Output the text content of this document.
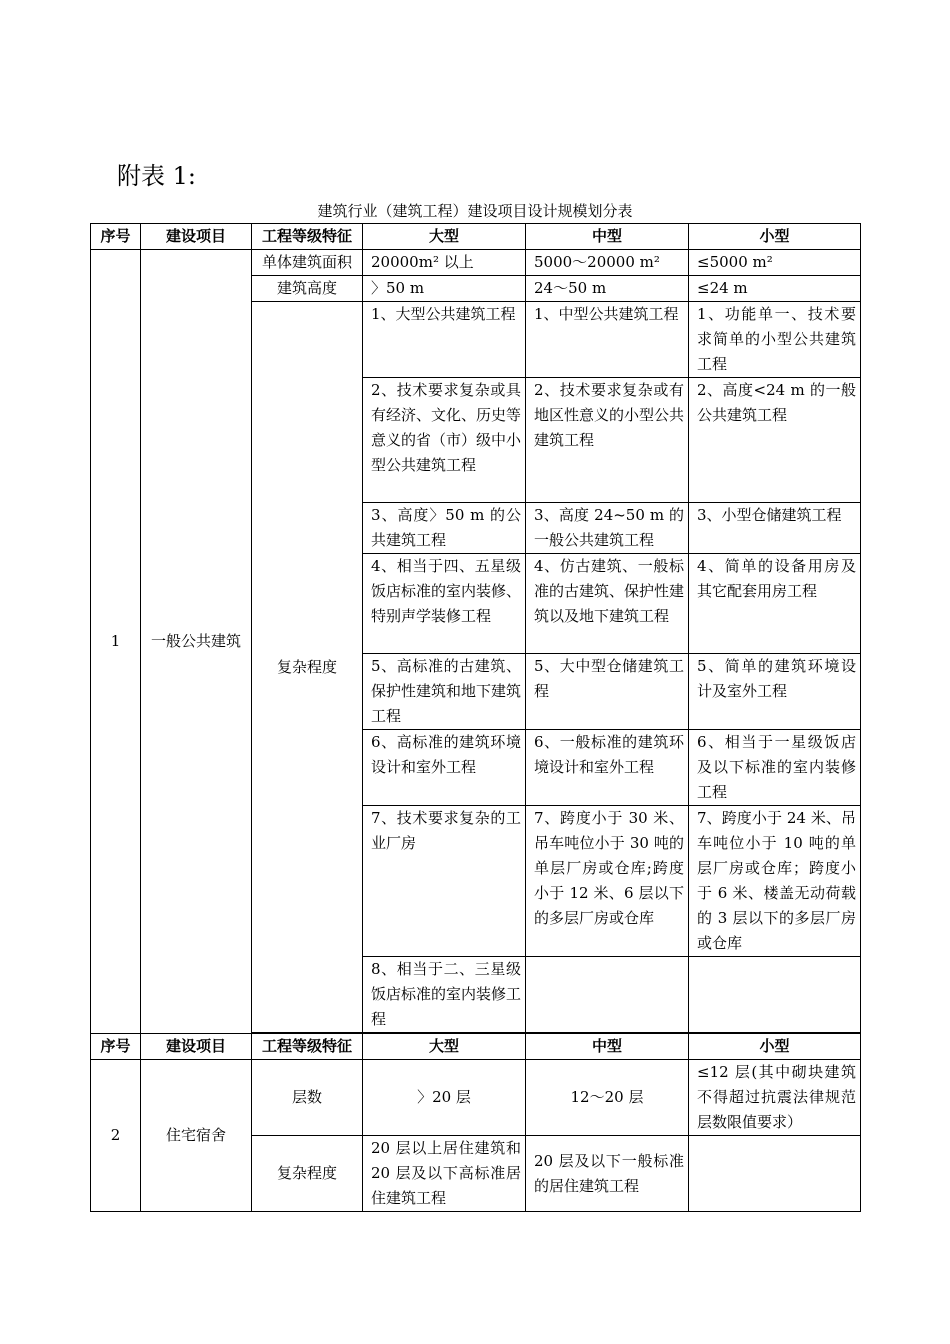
附表 1:
建筑行业（建筑工程）建设项目设计规模划分表
序号	建设项目	工程等级特征	大型	中型	小型
1	一般公共建筑	单体建筑面积	20000m² 以上	5000～20000 m²	≤5000 m²
		建筑高度	〉50 m	24～50 m	≤24 m
		复杂程度	1、大型公共建筑工程	1、中型公共建筑工程	1、功能单一、技术要求简单的小型公共建筑工程
			2、技术要求复杂或具有经济、文化、历史等意义的省（市）级中小型公共建筑工程	2、技术要求复杂或有地区性意义的小型公共建筑工程	2、高度<24 m 的一般公共建筑工程
			3、高度〉50 m 的公共建筑工程	3、高度 24~50 m 的一般公共建筑工程	3、小型仓储建筑工程
			4、相当于四、五星级饭店标准的室内装修、特别声学装修工程	4、仿古建筑、一般标准的古建筑、保护性建筑以及地下建筑工程	4、简单的设备用房及其它配套用房工程
			5、高标准的古建筑、保护性建筑和地下建筑工程	5、大中型仓储建筑工程	5、简单的建筑环境设计及室外工程
			6、高标准的建筑环境设计和室外工程	6、一般标准的建筑环境设计和室外工程	6、相当于一星级饭店及以下标准的室内装修工程
			7、技术要求复杂的工业厂房	7、跨度小于 30 米、吊车吨位小于 30 吨的单层厂房或仓库;跨度小于 12 米、6 层以下的多层厂房或仓库	7、跨度小于 24 米、吊车吨位小于 10 吨的单层厂房或仓库；跨度小于 6 米、楼盖无动荷载的 3 层以下的多层厂房或仓库
			8、相当于二、三星级饭店标准的室内装修工程		

序号	建设项目	工程等级特征	大型	中型	小型
2	住宅宿舍	层数	〉20 层	12～20 层	≤12 层(其中砌块建筑不得超过抗震法律规范层数限值要求）
		复杂程度	20 层以上居住建筑和 20 层及以下高标准居住建筑工程	20 层及以下一般标准的居住建筑工程	
